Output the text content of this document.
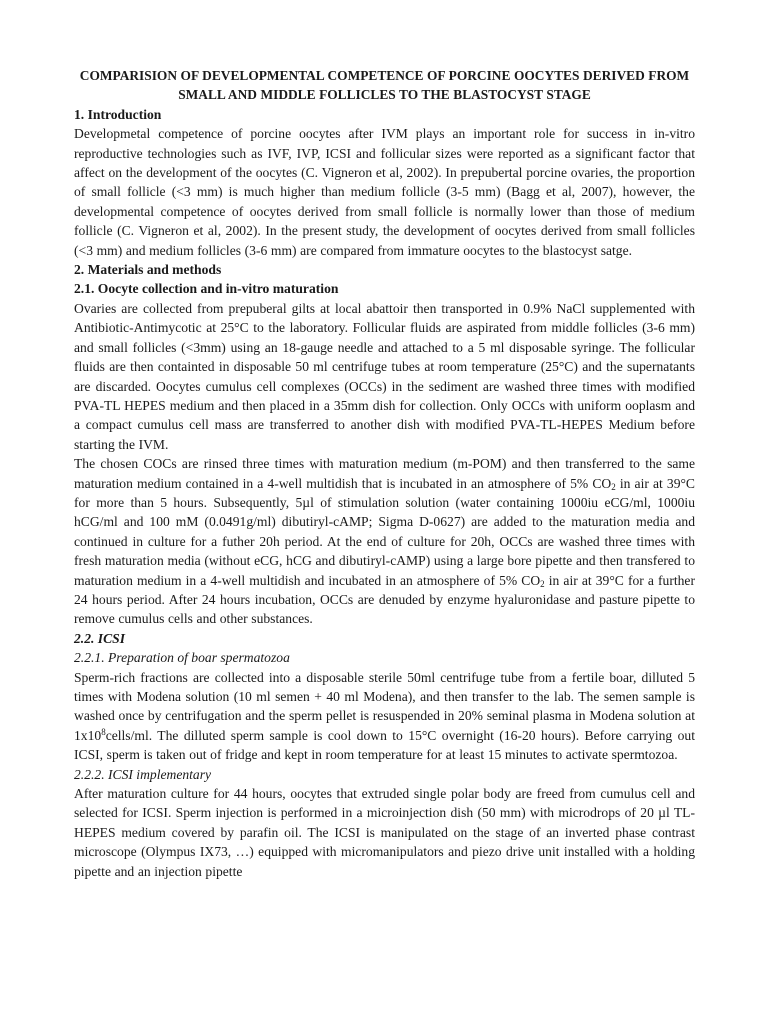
COMPARISION OF DEVELOPMENTAL COMPETENCE OF PORCINE OOCYTES DERIVED FROM SMALL AND MIDDLE FOLLICLES TO THE BLASTOCYST STAGE

1. Introduction

Developmetal competence of porcine oocytes after IVM plays an important role for success in in-vitro reproductive technologies such as IVF, IVP, ICSI and follicular sizes were reported as a significant factor that affect on the development of the oocytes (C. Vigneron et al, 2002). In prepubertal porcine ovaries, the proportion of small follicle (<3 mm) is much higher than medium follicle (3-5 mm) (Bagg et al, 2007), however, the developmental competence of oocytes derived from small follicle is normally lower than those of medium follicle (C. Vigneron et al, 2002). In the present study, the development of oocytes derived from small follicles (<3 mm) and medium follicles (3-6 mm) are compared from immature oocytes to the blastocyst satge.

2. Materials and methods
2.1. Oocyte collection and in-vitro maturation

Ovaries are collected from prepuberal gilts at local abattoir then transported in 0.9% NaCl supplemented with Antibiotic-Antimycotic at 25°C to the laboratory. Follicular fluids are aspirated from middle follicles (3-6 mm) and small follicles (<3mm) using an 18-gauge needle and attached to a 5 ml disposable syringe. The follicular fluids are then containted in disposable 50 ml centrifuge tubes at room temperature (25°C) and the supernatants are discarded. Oocytes cumulus cell complexes (OCCs) in the sediment are washed three times with modified PVA-TL HEPES medium and then placed in a 35mm dish for collection. Only OCCs with uniform ooplasm and a compact cumulus cell mass are transferred to another dish with modified PVA-TL-HEPES Medium before starting the IVM.

The chosen COCs are rinsed three times with maturation medium (m-POM) and then transferred to the same maturation medium contained in a 4-well multidish that is incubated in an atmosphere of 5% $CO_2$ in air at 39°C for more than 5 hours. Subsequently, 5µl of stimulation solution (water containing 1000iu eCG/ml, 1000iu hCG/ml and 100 mM (0.0491g/ml) dibutiryl-cAMP; Sigma D-0627) are added to the maturation media and continued in culture for a futher 20h period. At the end of culture for 20h, OCCs are washed three times with fresh maturation media (without eCG, hCG and dibutiryl-cAMP) using a large bore pipette and then transfered to maturation medium in a 4-well multidish and incubated in an atmosphere of 5% $CO_2$ in air at 39°C for a further 24 hours period. After 24 hours incubation, OCCs are denuded by enzyme hyaluronidase and pasture pipette to remove cumulus cells and other substances.

2.2. ICSI
2.2.1. Preparation of boar spermatozoa

Sperm-rich fractions are collected into a disposable sterile 50ml centrifuge tube from a fertile boar, dilluted 5 times with Modena solution (10 ml semen + 40 ml Modena), and then transfer to the lab. The semen sample is washed once by centrifugation and the sperm pellet is resuspended in 20% seminal plasma in Modena solution at $1x10^8cells/ml$. The dilluted sperm sample is cool down to 15°C overnight (16-20 hours). Before carrying out ICSI, sperm is taken out of fridge and kept in room temperature for at least 15 minutes to activate spermtozoa.

2.2.2. ICSI implementary

After maturation culture for 44 hours, oocytes that extruded single polar body are freed from cumulus cell and selected for ICSI. Sperm injection is performed in a microinjection dish (50 mm) with microdrops of 20 µl TL-HEPES medium covered by parafin oil. The ICSI is manipulated on the stage of an inverted phase contrast microscope (Olympus IX73, …) equipped with micromanipulators and piezo drive unit installed with a holding pipette and an injection pipette
